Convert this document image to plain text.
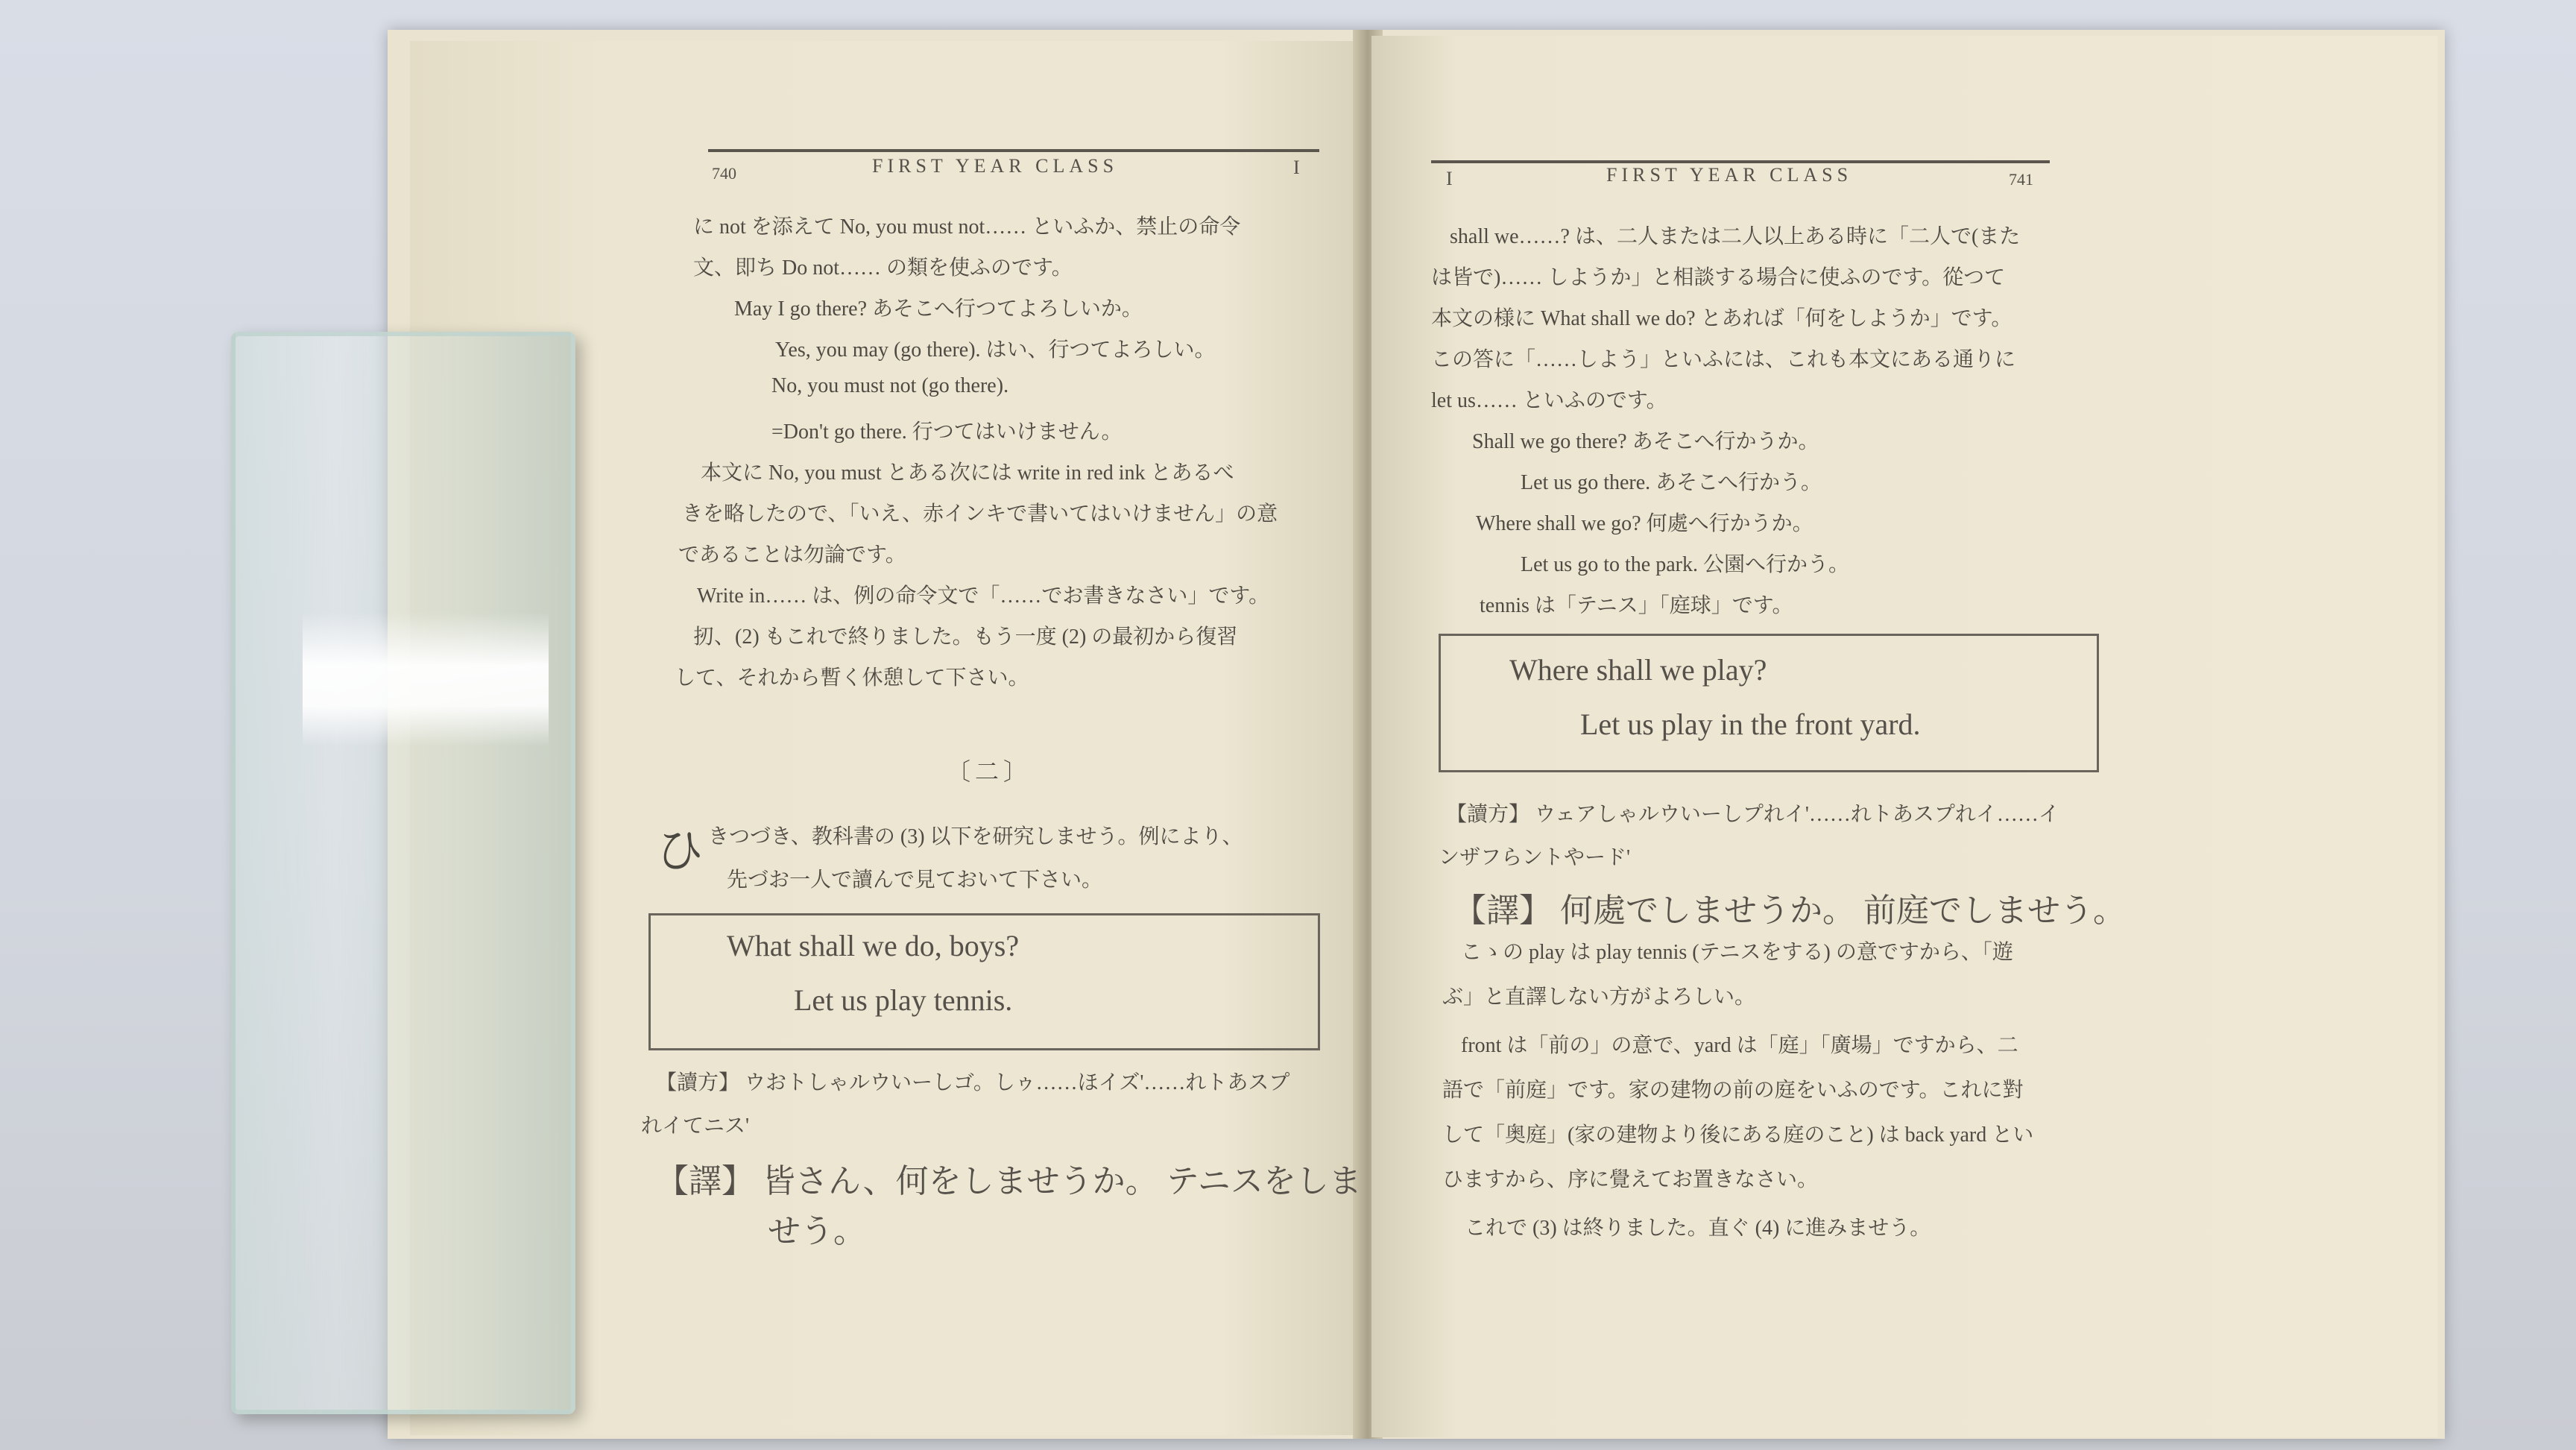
740	FIRST YEAR CLASS	I
に not を添えて No, you must not…… といふか、禁止の命令
文、即ち Do not…… の類を使ふのです。
May I go there? あそこへ行つてよろしいか。
Yes, you may (go there). はい、行つてよろしい。
No, you must not (go there).
=Don't go there. 行つてはいけません。
本文に No, you must とある次には write in red ink とあるべ
きを略したので、「いえ、赤インキで書いてはいけません」の意
であることは勿論です。
Write in…… は、例の命令文で「……でお書きなさい」です。
扨、(2) もこれで終りました。もう一度 (2) の最初から復習
して、それから暫く休憩して下さい。
〔二〕
ひ きつづき、教科書の (3) 以下を研究しませう。例により、
先づお一人で讀んで見ておいて下さい。
What shall we do, boys?
Let us play tennis.
【讀方】 ウおトしゃルウいーしゴ。しゥ……ほイズ'……れトあスプ
れイてニス'
【譯】 皆さん、何をしませうか。 テニスをしま
せう。
I	FIRST YEAR CLASS	741
shall we……? は、二人または二人以上ある時に「二人で(また
は皆で)…… しようか」と相談する場合に使ふのです。從つて
本文の様に What shall we do? とあれば「何をしようか」です。
この答に「……しよう」といふには、これも本文にある通りに
let us…… といふのです。
Shall we go there? あそこへ行かうか。
Let us go there. あそこへ行かう。
Where shall we go? 何處へ行かうか。
Let us go to the park. 公園へ行かう。
tennis は「テニス」「庭球」です。
Where shall we play?
Let us play in the front yard.
【讀方】 ウェアしゃルウいーしプれイ'……れトあスプれイ……イ
ンザフらントやード'
【譯】 何處でしませうか。 前庭でしませう。
こゝの play は play tennis (テニスをする) の意ですから、「遊
ぶ」と直譯しない方がよろしい。
front は「前の」の意で、yard は「庭」「廣場」ですから、二
語で「前庭」です。家の建物の前の庭をいふのです。これに對
して「奥庭」(家の建物より後にある庭のこと) は back yard とい
ひますから、序に覺えてお置きなさい。
これで (3) は終りました。直ぐ (4) に進みませう。
